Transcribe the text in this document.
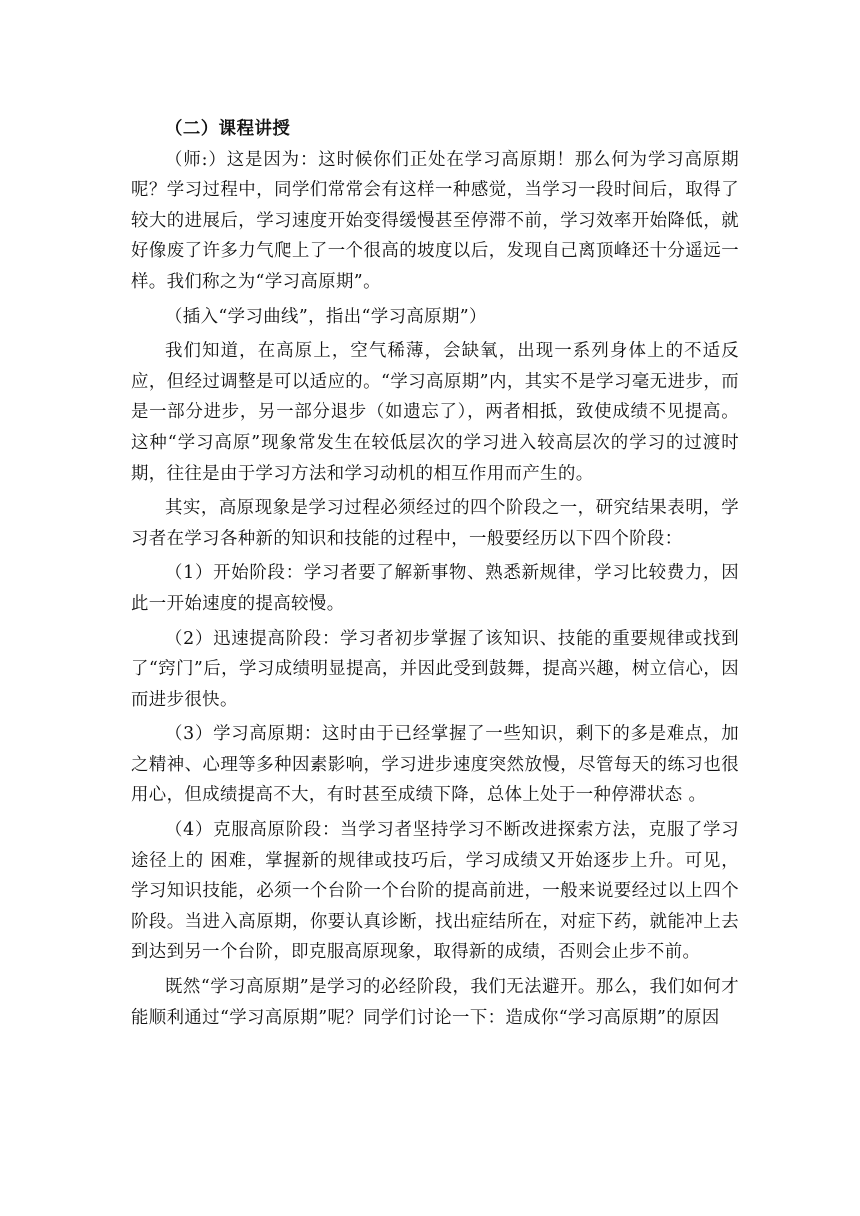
（二）课程讲授

（师:）这是因为：这时候你们正处在学习高原期！那么何为学习高原期呢？学习过程中，同学们常常会有这样一种感觉，当学习一段时间后，取得了较大的进展后，学习速度开始变得缓慢甚至停滞不前，学习效率开始降低，就好像废了许多力气爬上了一个很高的坡度以后，发现自己离顶峰还十分遥远一样。我们称之为“学习高原期”。

（插入“学习曲线”，指出“学习高原期”）

我们知道，在高原上，空气稀薄，会缺氧，出现一系列身体上的不适反应，但经过调整是可以适应的。“学习高原期”内，其实不是学习毫无进步，而是一部分进步，另一部分退步（如遗忘了），两者相抵，致使成绩不见提高。这种“学习高原”现象常发生在较低层次的学习进入较高层次的学习的过渡时期，往往是由于学习方法和学习动机的相互作用而产生的。

其实，高原现象是学习过程必须经过的四个阶段之一，研究结果表明，学习者在学习各种新的知识和技能的过程中，一般要经历以下四个阶段：

（1）开始阶段：学习者要了解新事物、熟悉新规律，学习比较费力，因此一开始速度的提高较慢。

（2）迅速提高阶段：学习者初步掌握了该知识、技能的重要规律或找到了“窍门”后，学习成绩明显提高，并因此受到鼓舞，提高兴趣，树立信心，因而进步很快。

（3）学习高原期：这时由于已经掌握了一些知识，剩下的多是难点，加之精神、心理等多种因素影响，学习进步速度突然放慢，尽管每天的练习也很用心，但成绩提高不大，有时甚至成绩下降，总体上处于一种停滞状态 。

（4）克服高原阶段：当学习者坚持学习不断改进探索方法，克服了学习途径上的 困难，掌握新的规律或技巧后，学习成绩又开始逐步上升。可见，学习知识技能，必须一个台阶一个台阶的提高前进，一般来说要经过以上四个阶段。当进入高原期，你要认真诊断，找出症结所在，对症下药，就能冲上去到达到另一个台阶，即克服高原现象，取得新的成绩，否则会止步不前。

既然“学习高原期”是学习的必经阶段，我们无法避开。那么，我们如何才能顺利通过“学习高原期”呢？同学们讨论一下：造成你“学习高原期”的原因
